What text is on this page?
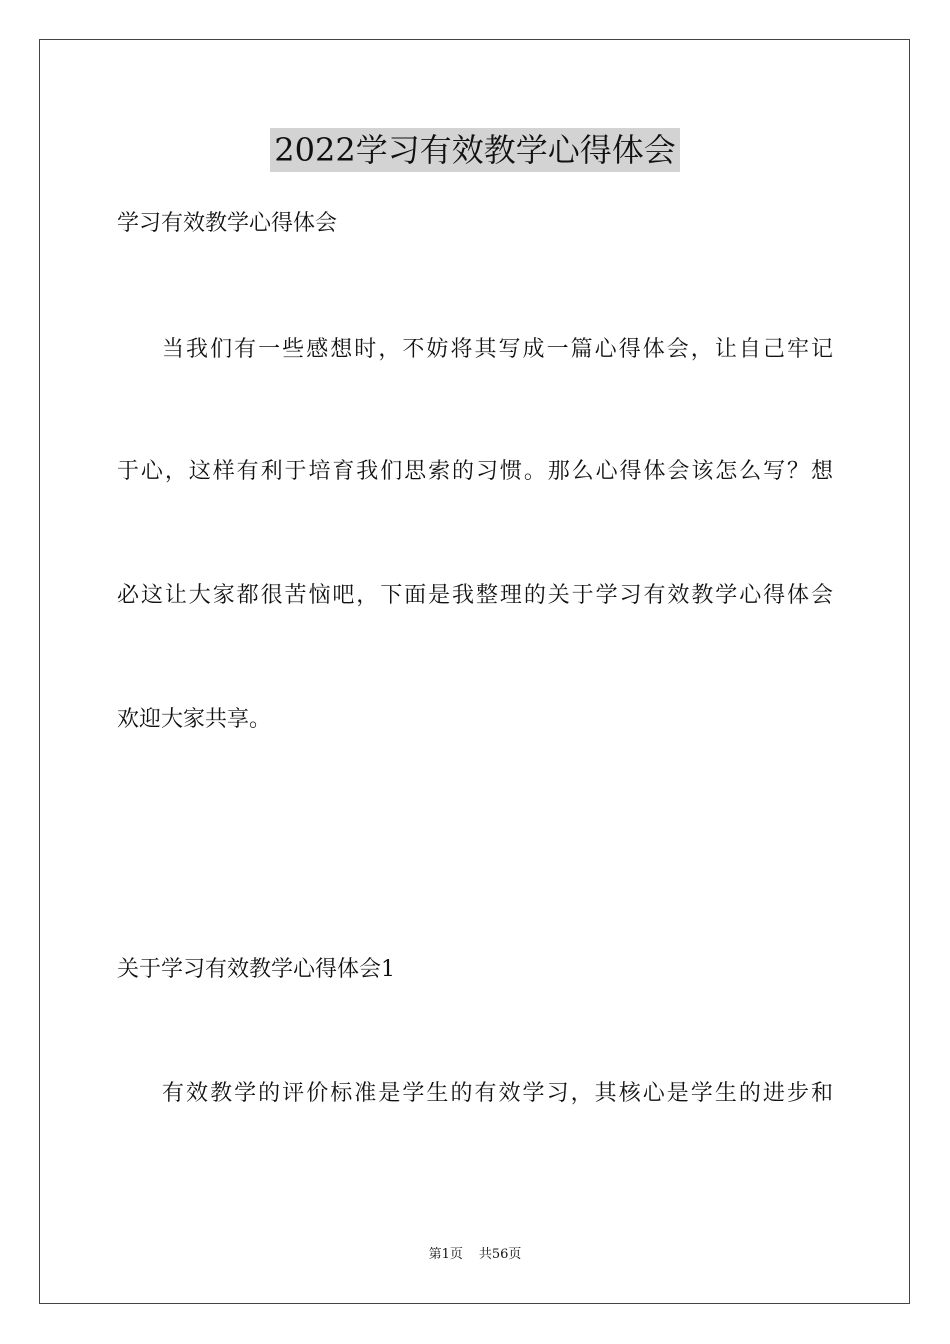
2022学习有效教学心得体会

学习有效教学心得体会

当我们有一些感想时，不妨将其写成一篇心得体会，让自己牢记

于心，这样有利于培育我们思索的习惯。那么心得体会该怎么写？想

必这让大家都很苦恼吧，下面是我整理的关于学习有效教学心得体会

欢迎大家共享。

关于学习有效教学心得体会1

有效教学的评价标准是学生的有效学习，其核心是学生的进步和

第1页 共56页
